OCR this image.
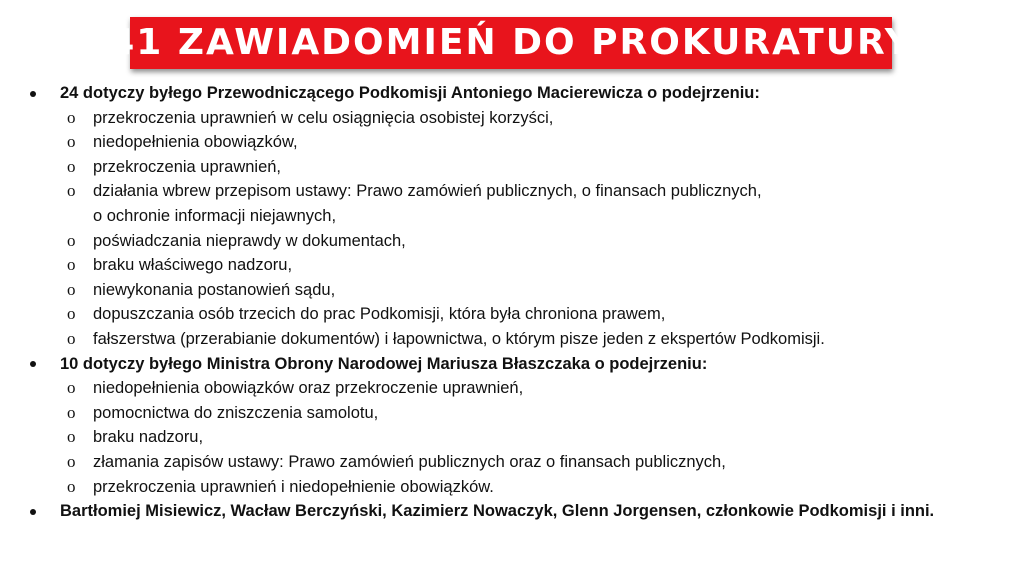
41 ZAWIADOMIEŃ DO PROKURATURY
24 dotyczy byłego Przewodniczącego Podkomisji Antoniego Macierewicza o podejrzeniu:
o	przekroczenia uprawnień w celu osiągnięcia osobistej korzyści,
o	niedopełnienia obowiązków,
o	przekroczenia uprawnień,
o	działania wbrew przepisom ustawy: Prawo zamówień publicznych, o finansach publicznych,
o ochronie informacji niejawnych,
o	poświadczania nieprawdy w dokumentach,
o	braku właściwego nadzoru,
o	niewykonania postanowień sądu,
o	dopuszczania osób trzecich do prac Podkomisji, która była chroniona prawem,
o	fałszerstwa (przerabianie dokumentów) i łapownictwa, o którym pisze jeden z ekspertów Podkomisji.
10 dotyczy byłego Ministra Obrony Narodowej Mariusza Błaszczaka o podejrzeniu:
o	niedopełnienia obowiązków oraz przekroczenie uprawnień,
o	pomocnictwa do zniszczenia samolotu,
o	braku nadzoru,
o	złamania zapisów ustawy: Prawo zamówień publicznych oraz o finansach publicznych,
o	przekroczenia uprawnień i niedopełnienie obowiązków.
Bartłomiej Misiewicz, Wacław Berczyński, Kazimierz Nowaczyk, Glenn Jorgensen, członkowie Podkomisji i inni.
